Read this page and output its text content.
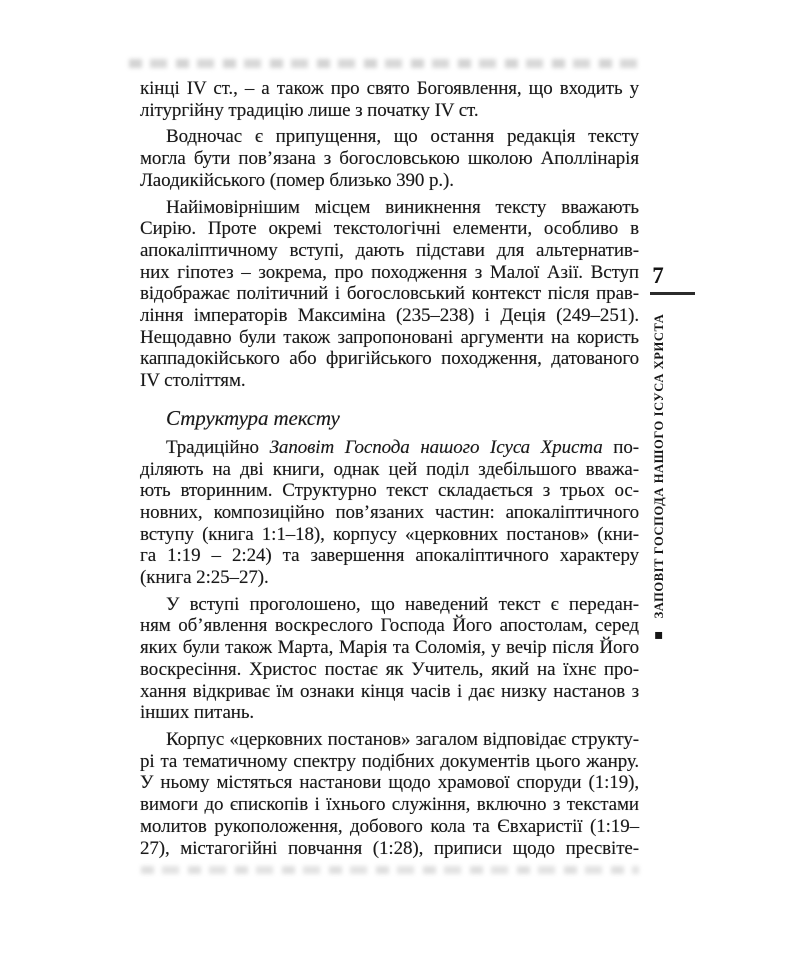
кінці IV ст., – а також про свято Богоявлення, що входить у
літургійну традицію лише з початку IV ст.
Водночас є припущення, що остання редакція тексту
могла бути пов’язана з богословською школою Аполлінарія
Лаодикійського (помер близько 390 р.).
Найімовірнішим місцем виникнення тексту вважають
Сирію. Проте окремі текстологічні елементи, особливо в
апокаліптичному вступі, дають підстави для альтернатив-
них гіпотез – зокрема, про походження з Малої Азії. Вступ
відображає політичний і богословський контекст після прав-
ління імператорів Максиміна (235–238) і Деція (249–251).
Нещодавно були також запропоновані аргументи на користь
каппадокійського або фригійського походження, датованого
IV століттям.
Структура тексту
Традиційно Заповіт Господа нашого Ісуса Христа по-
діляють на дві книги, однак цей поділ здебільшого вважа-
ють вторинним. Структурно текст складається з трьох ос-
новних, композиційно пов’язаних частин: апокаліптичного
вступу (книга 1:1–18), корпусу «церковних постанов» (кни-
га 1:19 – 2:24) та завершення апокаліптичного характеру
(книга 2:25–27).
У вступі проголошено, що наведений текст є передан-
ням об’явлення воскреслого Господа Його апостолам, серед
яких були також Марта, Марія та Соломія, у вечір після Його
воскресіння. Христос постає як Учитель, який на їхнє про-
хання відкриває їм ознаки кінця часів і дає низку настанов з
інших питань.
Корпус «церковних постанов» загалом відповідає структу-
рі та тематичному спектру подібних документів цього жанру.
У ньому містяться настанови щодо храмової споруди (1:19),
вимоги до єпископів і їхнього служіння, включно з текстами
молитов рукоположення, добового кола та Євхаристії (1:19–
27), містагогійні повчання (1:28), приписи щодо пресвіте-
7
ЗАПОВІТ ГОСПОДА НАШОГО ІСУСА ХРИСТА
▪
